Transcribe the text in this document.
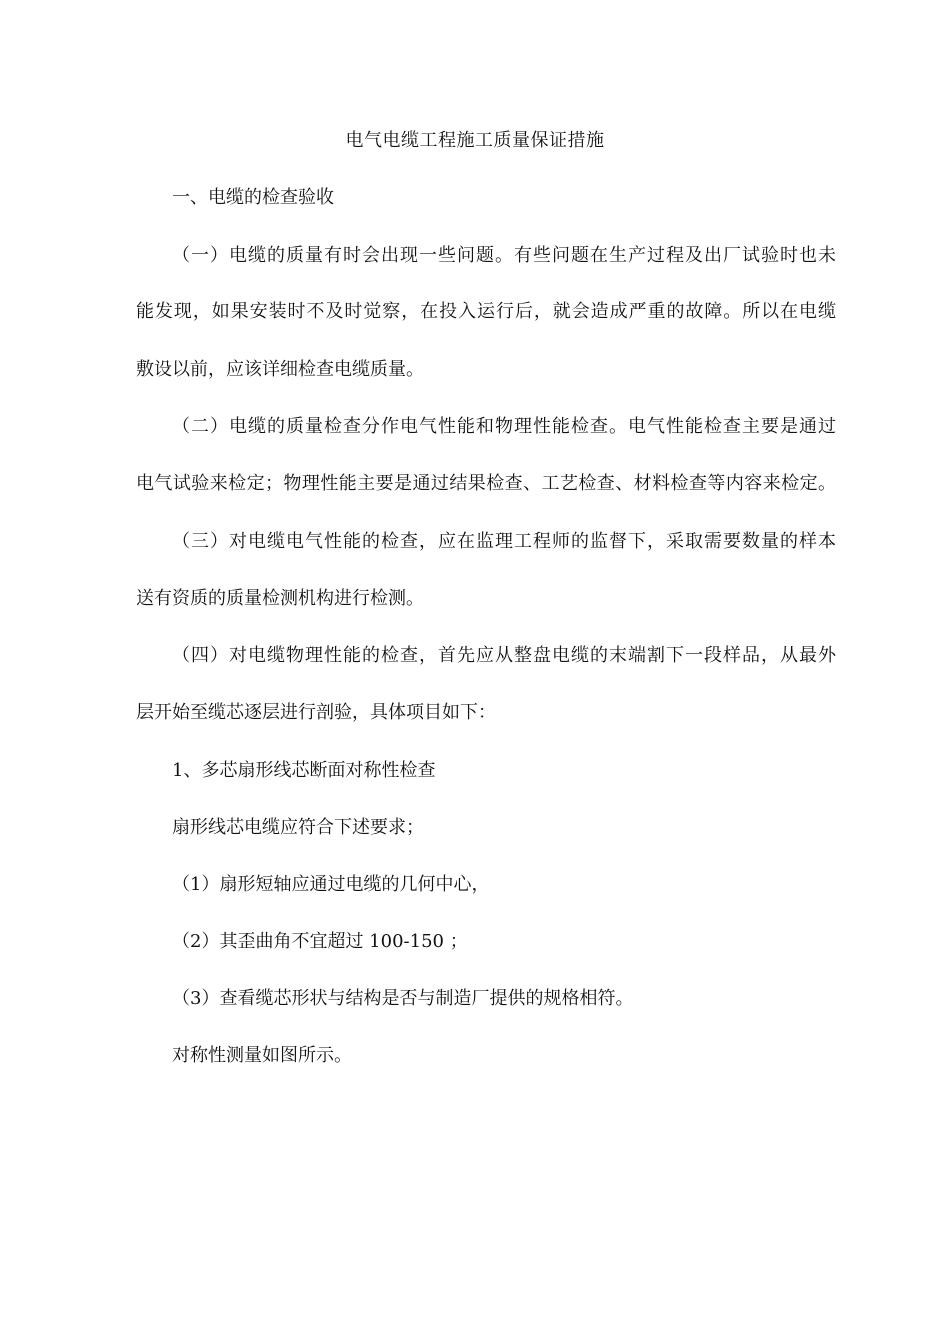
电气电缆工程施工质量保证措施
一、电缆的检查验收
（一）电缆的质量有时会出现一些问题。有些问题在生产过程及出厂试验时也未
能发现，如果安装时不及时觉察，在投入运行后，就会造成严重的故障。所以在电缆
敷设以前，应该详细检查电缆质量。
（二）电缆的质量检查分作电气性能和物理性能检查。电气性能检查主要是通过
电气试验来检定；物理性能主要是通过结果检查、工艺检查、材料检查等内容来检定。
（三）对电缆电气性能的检查，应在监理工程师的监督下，采取需要数量的样本
送有资质的质量检测机构进行检测。
（四）对电缆物理性能的检查，首先应从整盘电缆的末端割下一段样品，从最外
层开始至缆芯逐层进行剖验，具体项目如下：
1、多芯扇形线芯断面对称性检查
扇形线芯电缆应符合下述要求；
（1）扇形短轴应通过电缆的几何中心，
（2）其歪曲角不宜超过 100-150 ；
（3）查看缆芯形状与结构是否与制造厂提供的规格相符。
对称性测量如图所示。
